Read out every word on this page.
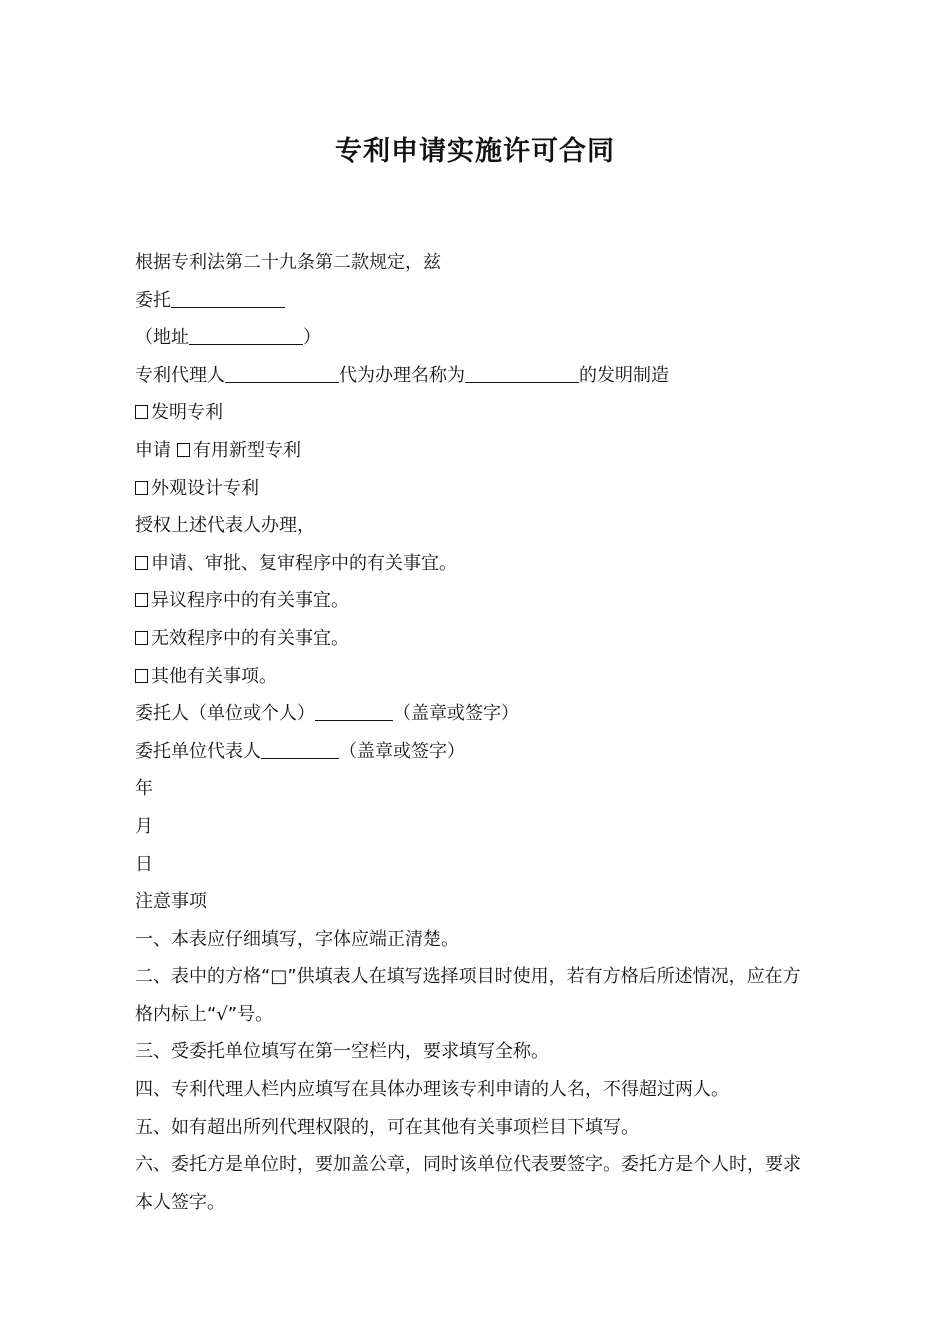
专利申请实施许可合同
根据专利法第二十九条第二款规定，兹
委托
（地址	）
专利代理人	代为办理名称为	的发明制造
发明专利
申请 有用新型专利
外观设计专利
授权上述代表人办理，
申请、审批、复审程序中的有关事宜。
异议程序中的有关事宜。
无效程序中的有关事宜。
其他有关事项。
委托人（单位或个人）	（盖章或签字）
委托单位代表人	（盖章或签字）
年
月
日
注意事项
一、本表应仔细填写，字体应端正清楚。
二、表中的方格“□”供填表人在填写选择项目时使用，若有方格后所述情况，应在方格内标上“√”号。
三、受委托单位填写在第一空栏内，要求填写全称。
四、专利代理人栏内应填写在具体办理该专利申请的人名，不得超过两人。
五、如有超出所列代理权限的，可在其他有关事项栏目下填写。
六、委托方是单位时，要加盖公章，同时该单位代表要签字。委托方是个人时，要求本人签字。
